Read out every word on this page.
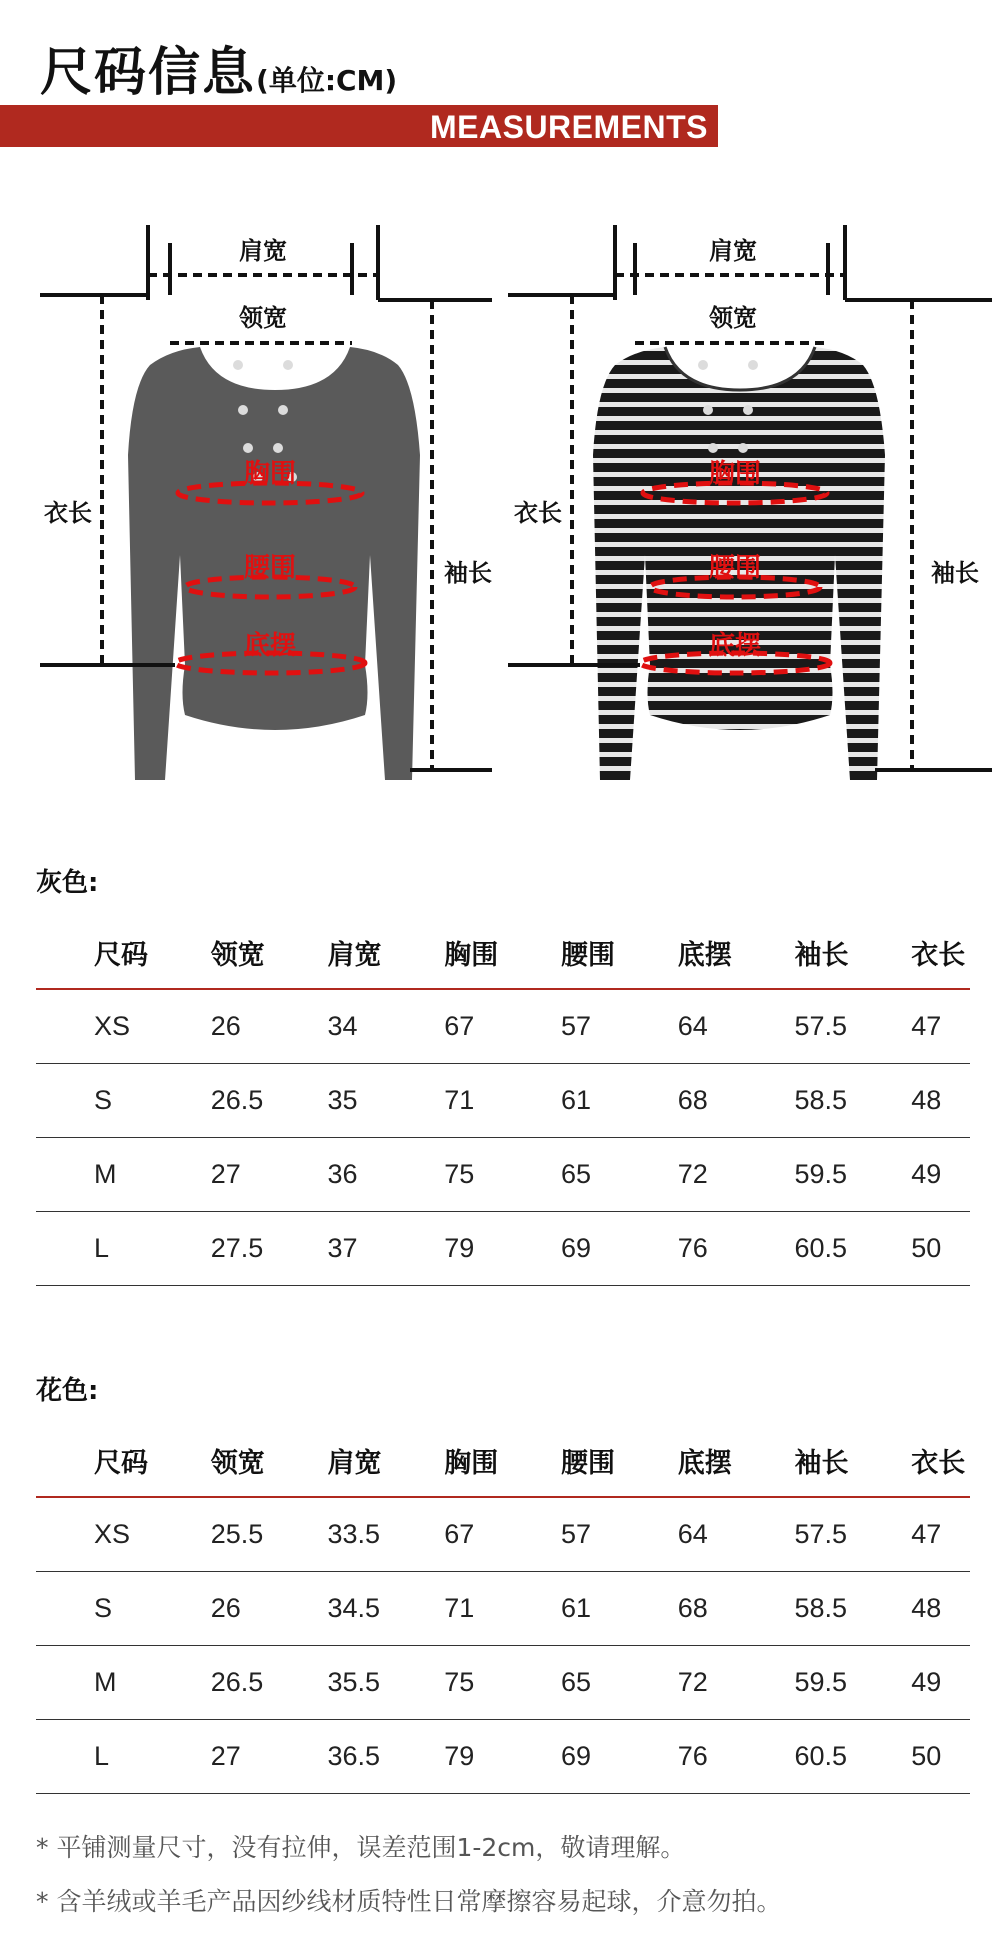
尺码信息(单位:CM)
MEASUREMENTS
肩宽
领宽
衣长
袖长
胸围
腰围
底摆
肩宽
领宽
衣长
袖长
胸围
腰围
底摆
灰色:
尺码	领宽	肩宽	胸围	腰围	底摆	袖长	衣长
XS	26	34	67	57	64	57.5	47
S	26.5	35	71	61	68	58.5	48
M	27	36	75	65	72	59.5	49
L	27.5	37	79	69	76	60.5	50
花色:
尺码	领宽	肩宽	胸围	腰围	底摆	袖长	衣长
XS	25.5	33.5	67	57	64	57.5	47
S	26	34.5	71	61	68	58.5	48
M	26.5	35.5	75	65	72	59.5	49
L	27	36.5	79	69	76	60.5	50
* 平铺测量尺寸，没有拉伸，误差范围1-2cm，敬请理解。
* 含羊绒或羊毛产品因纱线材质特性日常摩擦容易起球，介意勿拍。
